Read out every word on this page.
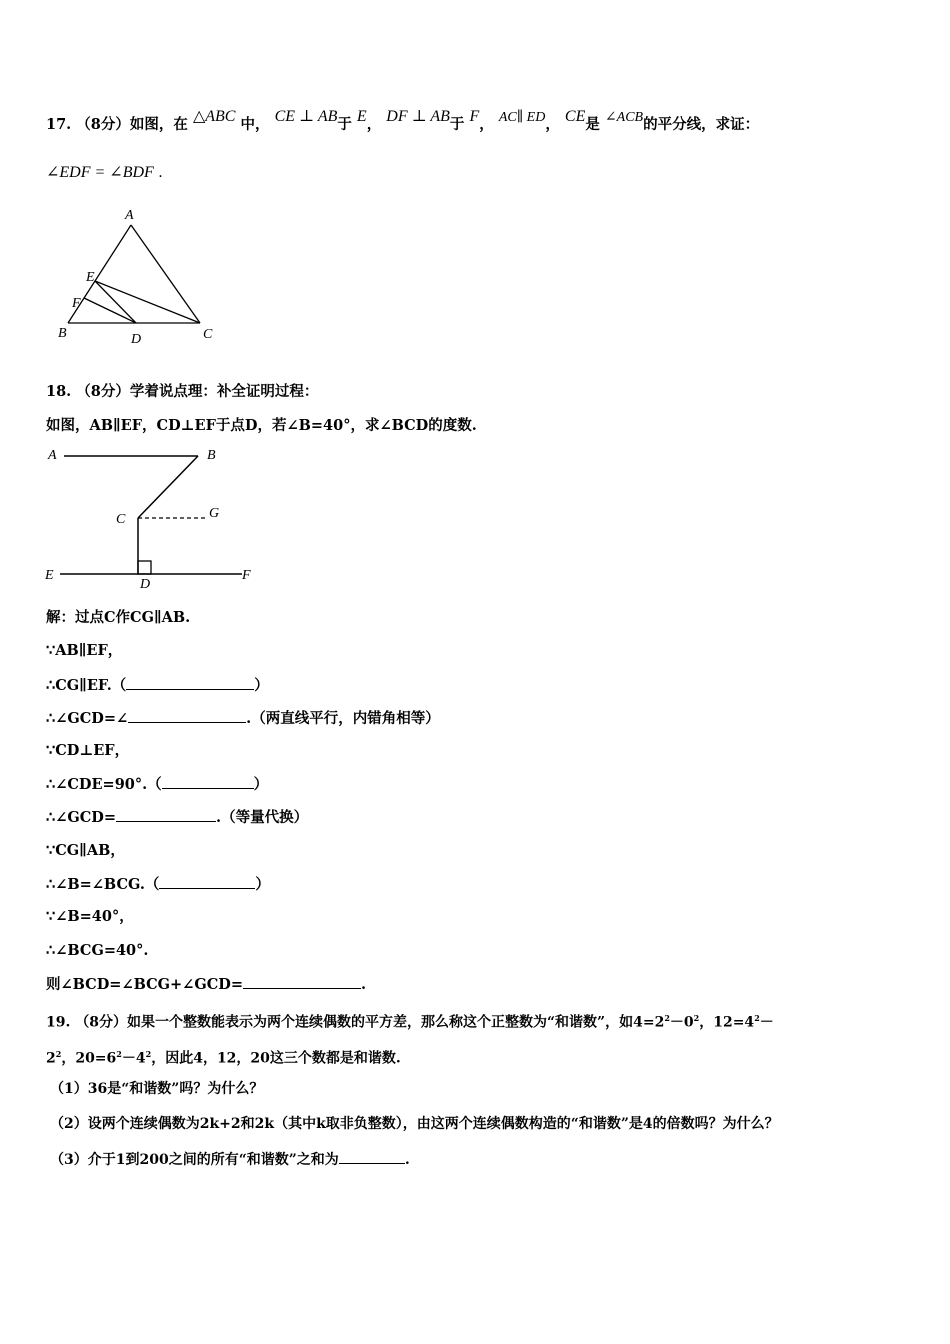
17. （8分）如图，在 △ABC 中， CE ⊥ AB于 E， DF ⊥ AB于 F， AC∥ ED， CE是 ∠ACB的平分线，求证：
∠EDF = ∠BDF .
A
E
F
B	D	C
18. （8分）学着说点理：补全证明过程：
如图，AB∥EF，CD⊥EF于点D，若∠B=40°，求∠BCD的度数.
A	B
C	G
E	F
D
解：过点C作CG∥AB.
∵AB∥EF，
∴CG∥EF.（	）
∴∠GCD=∠	.（两直线平行，内错角相等）
∵CD⊥EF，
∴∠CDE=90°.（	）
∴∠GCD=	.（等量代换）
∵CG∥AB，
∴∠B=∠BCG.（	）
∵∠B=40°，
∴∠BCG=40°.
则∠BCD=∠BCG+∠GCD=	.
19. （8分）如果一个整数能表示为两个连续偶数的平方差，那么称这个正整数为“和谐数”，如$4=2^2-0^2$，$12=4^2-$
$2^2$，$20=6^2-4^2$，因此4，12，20这三个数都是和谐数.
（1）36是“和谐数”吗？为什么？
（2）设两个连续偶数为2k+2和2k（其中k取非负整数），由这两个连续偶数构造的“和谐数”是4的倍数吗？为什么？
（3）介于1到200之间的所有“和谐数”之和为	.
